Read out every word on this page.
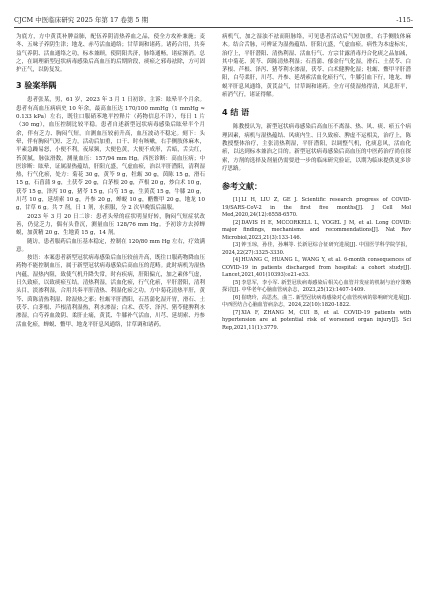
CJCM 中医临床研究 2025 年第 17 卷第 5 期	-115-

为底方，方中黄芪补脾益肺，配伍养阴清热养血之品，使全方攻补兼施；麦冬、五味子养阴生津；地龙、赤芍活血通络；甘草调和诸药。诸药合用，共奏益气养阴、活血通络之功，标本兼顾，使阴阳共济，脉络通畅，诸症渐消。总之，在调理新型冠状病毒感染后高血压的后期阶段，痰瘀之邪毒祛除，方可固护正气，以防复发。

3 验案举隅

患者张某，男，61 岁，2023 年 3 月 1 日初诊。主诉：眩晕半个月余。患者有高血压病病史 10 年余，最高血压达 170/100 mmHg（1 mmHg ≈ 0.133 kPa）左右，既往口服硝苯地平控释片（药物信息不详），每日 1 片（30 mg），血压控制比较平稳。患者自述新型冠状病毒感染后眩晕半个月余，伴有乏力、胸闷气短，自测血压较前升高，血压波动不稳定。刻下：头晕，伴有胸闷气短、乏力，活动后加重，口干、时有咳嗽，右手侧肢体麻木，平素急躁易怒，小便不利，夜尿频，大便色黄，大便不成形，舌暗，舌尖红，苔黄腻，脉弦滑数。测量血压：157/94 mm Hg。西医诊断：高血压病；中医诊断：眩晕，证属湿热蕴结，肝阳亢盛，气虚血瘀，治以平肝潜阳，清利湿热，行气化瘀，处方：菊花 30 g，黄芩 9 g，牡蛎 30 g，茵陈 15 g，滑石 15 g，石菖蒲 9 g，土茯苓 20 g，白茅根 20 g，芦根 20 g，炒白术 10 g，茯苓 15 g，泽泻 10 g，猪苓 15 g，白芍 15 g，生黄芪 15 g，牛膝 20 g，川芎 10 g，延胡索 10 g，丹参 20 g，蝉蜕 10 g，醋鳖甲 20 g，地龙 10 g，甘草 6 g。共 7 剂，日 1 剂，水煎服，分 2 次早晚饭后温服。

2023 年 3 月 20 日二诊：患者头晕的症状明显好转，胸闷气短症状改善，仍觉乏力，偶有头昏沉，测量血压 128/76 mm Hg。予初诊方去掉蝉蜕，加黄精 20 g、生地黄 15 g，14 剂。

随访，患者服药后血压基本稳定，控制在 120/80 mm Hg 左右，疗效满意。

按语：本案患者新型冠状病毒感染后血压较前升高，既往口服药物降血压药物不能控制血压，属于新型冠状病毒感染后高血压的范畴。此时病机为湿热内蕴，湿热内阻，致使气机升降失常，时有疾病，肝阳偏亢，加之素体气虚，日久致瘀，以致痰瘀互结。清热利湿，活血化瘀，行气化瘀，平肝潜阳，清利头目，淡渗利湿，合用共奏平肝清热、利湿化瘀之功。方中菊花清热平肝，黄芩、茵陈清热利湿、除湿热之邪；牡蛎平肝潜阳，石菖蒲化湿开胃，滑石、土茯苓、白茅根、芦根清利湿热，利水渗湿；白术、茯苓、泽泻、猪苓健脾利水渗湿，白芍养血敛阴、柔肝止痛，黄芪、牛膝补气活血，川芎、延胡索、丹参活血化瘀，蝉蜕、鳖甲、地龙平肝息风通络，甘草调和诸药。

病机气，加之湿浊不祛而阻脉络，可见患者活动后气短加重，右手侧肢体麻木。结合舌脉，可辨证为湿热蕴结、肝阳亢盛，气虚血瘀。病性为本虚标实，治疗上，平肝潜阳、清热利湿、活血行气、方宗甘露消毒丹合化痰之品加减，其中菊花、黄芩、茵陈清热利湿；石菖蒲、郁金行气化湿，滑石、土茯苓、白茅根、芦根、泽泻、猪苓利水渗湿，茯苓、白术健脾化湿；牡蛎、鳖甲平肝潜阳，白芍柔肝，川芎、丹参、延胡索活血化瘀行气，牛膝引血下行，地龙、蝉蜕平肝息风通络，黄芪益气，甘草调和诸药。全方可使湿热得清，风息肝平，瘀消气行，诸证得解。

4 结 语

陈教授认为，新型冠状病毒感染后高血压不离湿、热、风、痰、瘀五个病理因素，病机与湿热蕴结、风痰内生、日久致瘀、脾虚不运相关，治疗上，陈教授整体治疗，主张清热利湿，平肝潜阳，以调整气机，化痰息风，活血化瘀，以达到标本兼治之目的。新型冠状病毒感染后高血压的中医药治疗尚在探索，方剂的选择及剂量仍需要进一步的临床研究验证，以期为临床提供更多诊疗思路。

参考文献：

[1]LI H, LIU Z, GE J. Scientific research progress of COVID-19/SARS-CoV-2 in the first five months[J]. J Cell Mol Med,2020,24(12):6558-6570.

[2]DAVIS H E, MCCORKELL L, VOGEL J M, et al. Long COVID: major findings, mechanisms and recommendations[J]. Nat Rev Microbiol,2023,21(3):133-146.

[3]钟玉琼，孙佳，孙琳等. 长新冠综合征研究进展[J]. 中国医学科学院学报，2024,22(27):3325-3330.

[4]HUANG C, HUANG L, WANG Y, et al. 6-month consequences of COVID-19 in patients discharged from hospital: a cohort study[J]. Lancet,2021,401(10393):e21-e33.

[5]李思军，李小军. 新型冠状病毒感染后相关心血管并发症的机制与治疗策略探讨[J]. 中华老年心脑血管病杂志，2023,25(12):1407-1409.

[6]崔晓玲，高思杰，曲兰. 新型冠状病毒感染对心血管疾病的影响研究进展[J]. 中西医结合心脑血管病杂志，2024,22(10):1820-1822.

[7]XIA F, ZHANG M, CUI B, et al. COVID-19 patients with hypertension are at potential risk of worsened organ injury[J]. Sci Rep,2021,11(1):3779.
